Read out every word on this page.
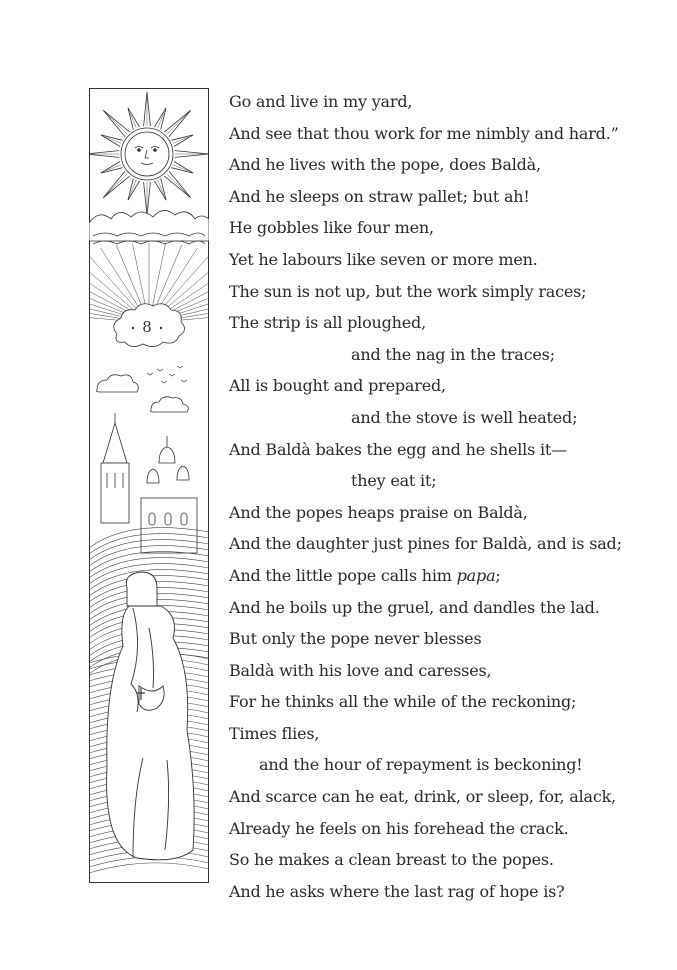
8
Go and live in my yard,
And see that thou work for me nimbly and hard.”
And he lives with the pope, does Baldà,
And he sleeps on straw pallet; but ah!
He gobbles like four men,
Yet he labours like seven or more men.
The sun is not up, but the work simply races;
The strip is all ploughed,
and the nag in the traces;
All is bought and prepared,
and the stove is well heated;
And Baldà bakes the egg and he shells it—
they eat it;
And the popes heaps praise on Baldà,
And the daughter just pines for Baldà, and is sad;
And the little pope calls him papa;
And he boils up the gruel, and dandles the lad.
But only the pope never blesses
Baldà with his love and caresses,
For he thinks all the while of the reckoning;
Times flies,
and the hour of repayment is beckoning!
And scarce can he eat, drink, or sleep, for, alack,
Already he feels on his forehead the crack.
So he makes a clean breast to the popes.
And he asks where the last rag of hope is?
